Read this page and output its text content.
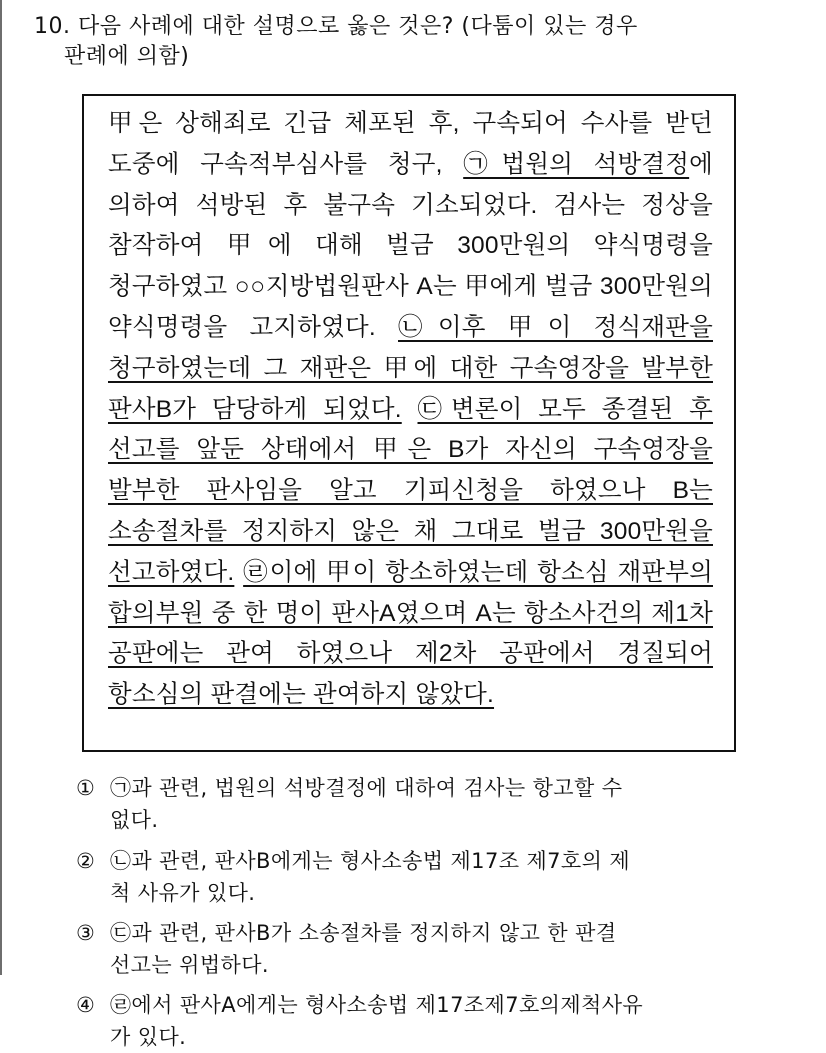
10. 다음 사례에 대한 설명으로 옳은 것은? (다툼이 있는 경우
판례에 의함)

甲은 상해죄로 긴급 체포된 후, 구속되어 수사를 받던 도중에 구속적부심사를 청구, ㉠법원의 석방결정에 의하여 석방된 후 불구속 기소되었다. 검사는 정상을 참작하여 甲에 대해 벌금 300만원의 약식명령을 청구하였고 ○○지방법원판사 A는 甲에게 벌금 300만원의 약식명령을 고지하였다. ㉡이후 甲이 정식재판을 청구하였는데 그 재판은 甲에 대한 구속영장을 발부한 판사B가 담당하게 되었다. ㉢변론이 모두 종결된 후 선고를 앞둔 상태에서 甲은 B가 자신의 구속영장을 발부한 판사임을 알고 기피신청을 하였으나 B는 소송절차를 정지하지 않은 채 그대로 벌금 300만원을 선고하였다. ㉣이에 甲이 항소하였는데 항소심 재판부의 합의부원 중 한 명이 판사A였으며 A는 항소사건의 제1차 공판에는 관여 하였으나 제2차 공판에서 경질되어 항소심의 판결에는 관여하지 않았다.
① ㉠과 관련, 법원의 석방결정에 대하여 검사는 항고할 수
없다.
② ㉡과 관련, 판사B에게는 형사소송법 제17조 제7호의 제
척 사유가 있다.
③ ㉢과 관련, 판사B가 소송절차를 정지하지 않고 한 판결
선고는 위법하다.
④ ㉣에서 판사A에게는 형사소송법 제17조제7호의제척사유
가 있다.
